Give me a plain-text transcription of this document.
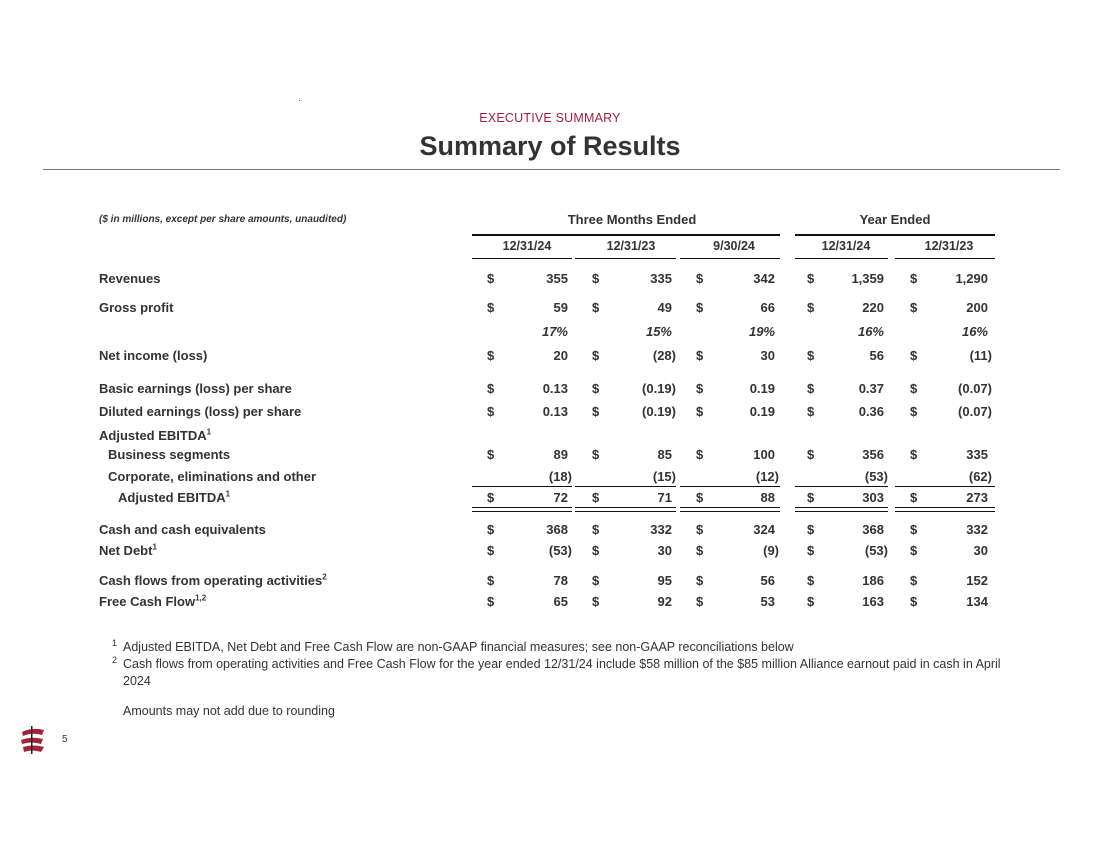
EXECUTIVE SUMMARY
Summary of Results
($ in millions, except per share amounts, unaudited)	Three Months Ended	Year Ended
12/31/24	12/31/23	9/30/24	12/31/24	12/31/23
Revenues	$	355 $	335 $	342 $	1,359 $	1,290
Gross profit	$	59 $	49 $	66 $	220 $	200
17%	15%	19%	16%	16%
Net income (loss)	$	20 $	(28) $	30 $	56 $	(11)
Basic earnings (loss) per share	$	0.13 $	(0.19) $	0.19 $	0.37 $	(0.07)
Diluted earnings (loss) per share	$	0.13 $	(0.19) $	0.19 $	0.36 $	(0.07)
Adjusted EBITDA$^1$
Business segments	$	89 $	85 $	100 $	356 $	335
Corporate, eliminations and other	(18)	(15)	(12)	(53)	(62)
Adjusted EBITDA$^1$	$	72 $	71 $	88 $	303 $	273
Cash and cash equivalents	$	368 $	332 $	324 $	368 $	332
Net Debt$^1$	$	(53) $	30 $	(9) $	(53) $	30
Cash flows from operating activities$^2$	$	78 $	95 $	56 $	186 $	152
Free Cash Flow$^{1,2}$	$	65 $	92 $	53 $	163 $	134
1 Adjusted EBITDA, Net Debt and Free Cash Flow are non-GAAP financial measures; see non-GAAP reconciliations below
2 Cash flows from operating activities and Free Cash Flow for the year ended 12/31/24 include $58 million of the $85 million Alliance earnout paid in cash in April 2024
Amounts may not add due to rounding
5
